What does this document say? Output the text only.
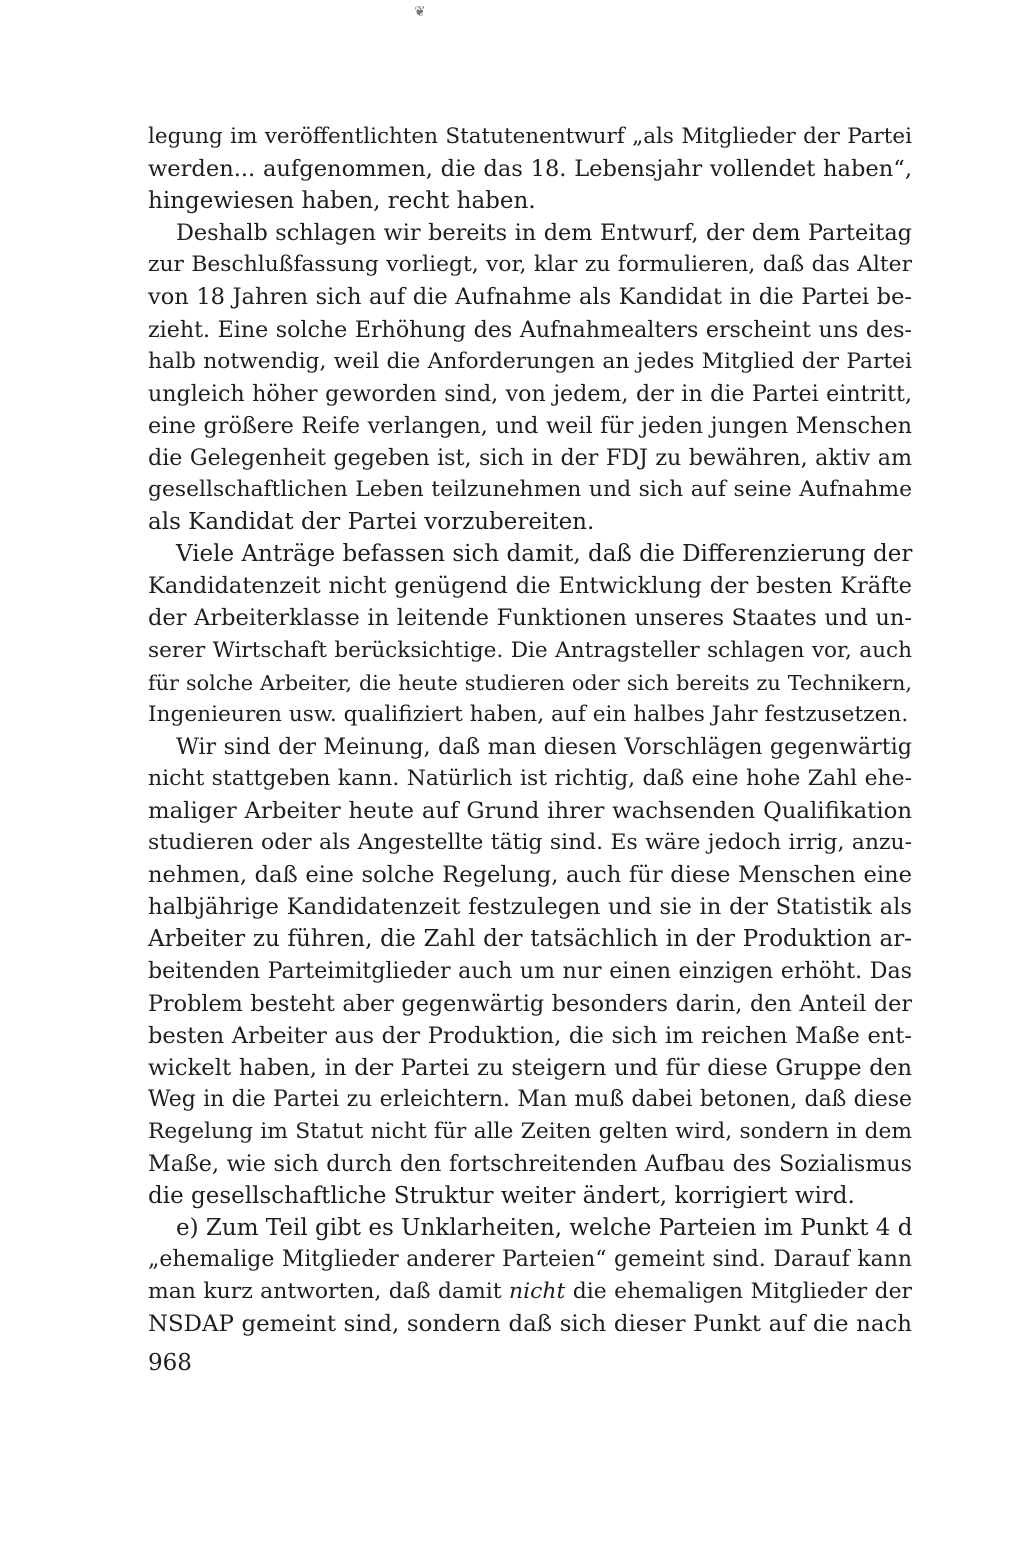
❦

legung im veröffentlichten Statutenentwurf „als Mitglieder der Partei
werden... aufgenommen, die das 18. Lebensjahr vollendet haben“,
hingewiesen haben, recht haben.

Deshalb schlagen wir bereits in dem Entwurf, der dem Parteitag
zur Beschlußfassung vorliegt, vor, klar zu formulieren, daß das Alter
von 18 Jahren sich auf die Aufnahme als Kandidat in die Partei be-
zieht. Eine solche Erhöhung des Aufnahmealters erscheint uns des-
halb notwendig, weil die Anforderungen an jedes Mitglied der Partei
ungleich höher geworden sind, von jedem, der in die Partei eintritt,
eine größere Reife verlangen, und weil für jeden jungen Menschen
die Gelegenheit gegeben ist, sich in der FDJ zu bewähren, aktiv am
gesellschaftlichen Leben teilzunehmen und sich auf seine Aufnahme
als Kandidat der Partei vorzubereiten.

Viele Anträge befassen sich damit, daß die Differenzierung der
Kandidatenzeit nicht genügend die Entwicklung der besten Kräfte
der Arbeiterklasse in leitende Funktionen unseres Staates und un-
serer Wirtschaft berücksichtige. Die Antragsteller schlagen vor, auch
für solche Arbeiter, die heute studieren oder sich bereits zu Technikern,
Ingenieuren usw. qualifiziert haben, auf ein halbes Jahr festzusetzen.

Wir sind der Meinung, daß man diesen Vorschlägen gegenwärtig
nicht stattgeben kann. Natürlich ist richtig, daß eine hohe Zahl ehe-
maliger Arbeiter heute auf Grund ihrer wachsenden Qualifikation
studieren oder als Angestellte tätig sind. Es wäre jedoch irrig, anzu-
nehmen, daß eine solche Regelung, auch für diese Menschen eine
halbjährige Kandidatenzeit festzulegen und sie in der Statistik als
Arbeiter zu führen, die Zahl der tatsächlich in der Produktion ar-
beitenden Parteimitglieder auch um nur einen einzigen erhöht. Das
Problem besteht aber gegenwärtig besonders darin, den Anteil der
besten Arbeiter aus der Produktion, die sich im reichen Maße ent-
wickelt haben, in der Partei zu steigern und für diese Gruppe den
Weg in die Partei zu erleichtern. Man muß dabei betonen, daß diese
Regelung im Statut nicht für alle Zeiten gelten wird, sondern in dem
Maße, wie sich durch den fortschreitenden Aufbau des Sozialismus
die gesellschaftliche Struktur weiter ändert, korrigiert wird.

e) Zum Teil gibt es Unklarheiten, welche Parteien im Punkt 4 d
„ehemalige Mitglieder anderer Parteien“ gemeint sind. Darauf kann
man kurz antworten, daß damit nicht die ehemaligen Mitglieder der
NSDAP gemeint sind, sondern daß sich dieser Punkt auf die nach

968
